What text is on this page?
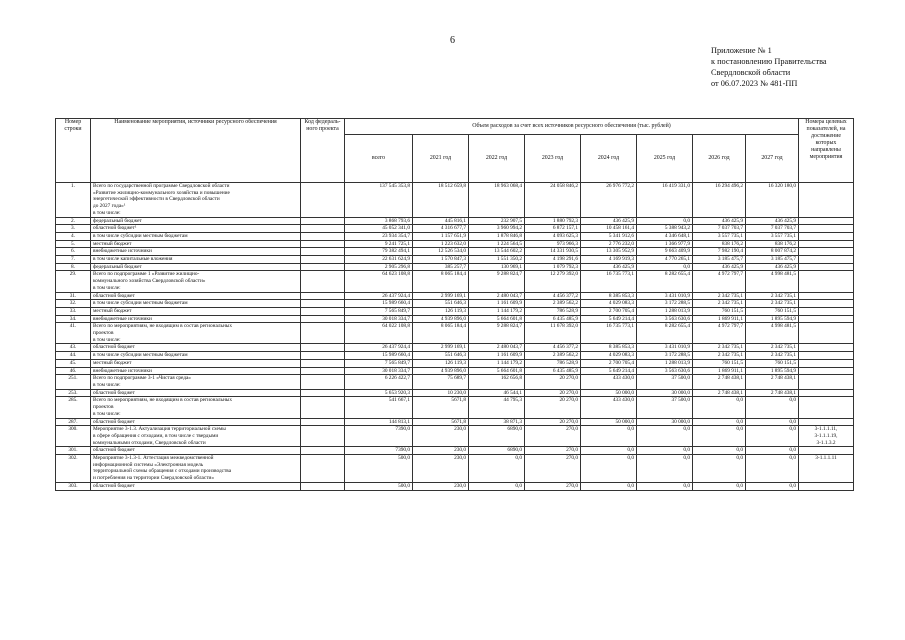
6
Приложение № 1
к постановлению Правительства
Свердловской области
от 06.07.2023 № 481-ПП
Номер строки	Наименование мероприятия, источники ресурсного обеспечения	Код федераль-ного проекта	Объем расходов за счет всех источников ресурсного обеспечения (тыс. рублей)								Номера целевых показателей, на достижение которых направлены мероприятия
			всего	2021 год	2022 год	2023 год	2024 год	2025 год	2026 год	2027 год	
1.	Всего по государственной программе Свердловской области
«Развитие жилищно-коммунального хозяйства и повышение
энергетической эффективности в Свердловской области
до 2027 года»¹
в том числе:		137 545 353,8	18 512 659,8	18 963 068,4	24 058 846,2	26 976 772,2	16 419 331,0	16 294 496,2	16 320 180,0	
2.	федеральный бюджет		3 868 793,6	445 816,1	232 907,5	1 880 792,3	436 425,9	0,0	436 425,9	436 425,9	
3.	областной бюджет¹		45 052 341,0	4 316 677,7	3 960 994,2	6 872 157,1	10 458 161,4	5 388 943,2	7 037 703,7	7 037 703,7	
4.	в том числе субсидии местным бюджетам		23 934 354,7	1 157 651,9	1 878 846,8	4 093 625,3	5 341 912,6	4 346 648,1	3 557 735,1	3 557 735,1	
5.	местный бюджет		9 241 725,1	1 223 632,0	1 224 564,5	973 966,3	2 776 232,0	1 366 977,9	838 176,2	838 176,2	
6.	внебюджетные источники		79 382 494,1	12 526 534,0	13 544 602,2	14 331 930,5	13 305 952,9	9 663 409,9	7 982 190,4	8 007 874,2	
7.	в том числе капитальные вложения		22 631 624,9	1 570 847,3	1 551 350,2	4 198 291,6	4 169 919,3	4 770 265,1	3 185 475,7	3 185 475,7	
8.	федеральный бюджет		2 905 296,8	385 257,7	130 969,1	1 079 792,3	436 425,9	0,0	436 425,9	436 425,9	
29.	Всего по подпрограмме 1 «Развитие жилищно-
коммунального хозяйства Свердловской области»
в том числе:		64 623 108,8	8 065 184,4	9 288 824,7	12 279 392,0	16 735 773,1	8 282 655,4	4 972 797,7	4 998 481,5	
31.	областной бюджет		26 437 924,4	2 999 169,1	2 480 043,7	4 456 377,2	8 385 853,3	3 431 010,9	2 342 735,1	2 342 735,1	
32.	в том числе субсидии местным бюджетам		15 989 660,4	551 646,3	1 161 609,9	2 389 562,2	4 029 083,3	3 172 288,5	2 342 735,1	2 342 735,1	
33.	местный бюджет		7 565 849,7	126 119,3	1 144 179,2	786 528,9	2 700 705,4	1 288 013,9	760 151,5	760 151,5	
34.	внебюджетные источники		30 018 334,7	4 939 896,0	5 664 601,8	6 435 485,9	5 649 214,4	3 563 630,6	1 869 911,1	1 895 594,9	
41.	Всего по мероприятиям, не входящим в состав региональных
проектов
в том числе:		64 022 108,8	8 065 184,4	9 288 824,7	11 678 392,0	16 735 773,1	8 282 655,4	4 972 797,7	4 998 481,5	
43.	областной бюджет		26 437 924,4	2 999 169,1	2 480 043,7	4 456 377,2	8 385 853,3	3 431 010,9	2 342 735,1	2 342 735,1	
44.	в том числе субсидии местным бюджетам		15 989 660,4	551 646,3	1 161 609,9	2 389 562,2	4 029 083,3	3 172 288,5	2 342 735,1	2 342 735,1	
45.	местный бюджет		7 565 849,7	126 119,3	1 144 179,2	786 528,9	2 700 705,4	1 288 013,9	760 151,5	760 151,5	
46.	внебюджетные источники		30 018 334,7	4 939 896,0	5 664 601,8	6 435 485,9	5 649 214,4	3 563 630,6	1 869 911,1	1 895 594,9	
251.	Всего по подпрограмме 3-1 «Чистая среда»
в том числе:		6 226 422,7	75 689,7	162 656,8	20 270,0	433 430,0	37 500,0	2 748 438,1	2 748 438,1	
253.	областной бюджет		5 653 920,3	10 230,0	46 544,1	20 270,0	50 000,0	30 000,0	2 748 438,1	2 748 438,1	
285.	Всего по мероприятиям, не входящим в состав региональных
проектов
в том числе:		541 667,1	5671,8	44 795,3	20 270,0	433 430,0	37 500,0	0,0	0,0	
287.	областной бюджет		144 813,1	5671,8	38 871,3	20 270,0	50 000,0	30 000,0	0,0	0,0	
300.	Мероприятие 3-1.3. Актуализация территориальной схемы
в сфере обращения с отходами, в том числе с твердыми
коммунальными отходами, Свердловской области		7390,0	230,0	6890,0	270,0	0,0	0,0	0,0	0,0	3-1.1.1.11,
3-1.1.1.19,
3-1.1.3.2
301.	областной бюджет		7390,0	230,0	6890,0	270,0	0,0	0,0	0,0	0,0	
302.	Мероприятие 3-1.3-1. Аттестация межведомственной
информационной системы «Электронная модель
территориальной схемы обращения с отходами производства
и потребления на территории Свердловской области»		500,0	230,0	0,0	270,0	0,0	0,0	0,0	0,0	3-1.1.1.11
303.	областной бюджет		500,0	230,0	0,0	270,0	0,0	0,0	0,0	0,0	
